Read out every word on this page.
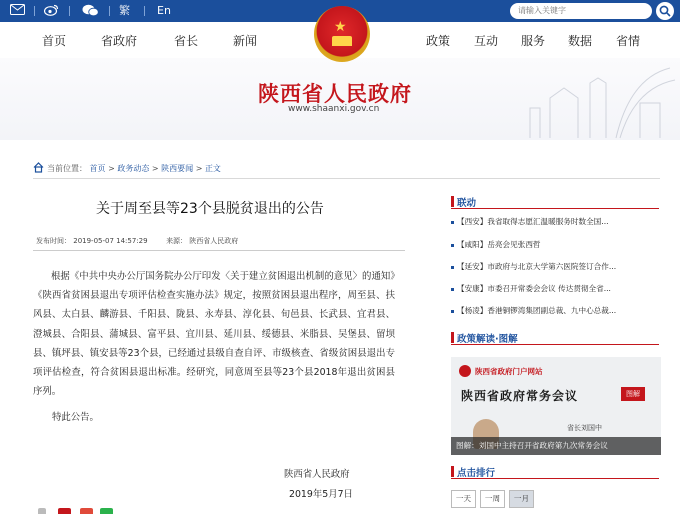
繁 En
请输入关键字
首页	省政府	省长	新闻	政策 互动 服务 数据 省情
★
陕西省人民政府
www.shaanxi.gov.cn
当前位置： 首页 > 政务动态 > 陕西要闻 > 正文
关于周至县等23个县脱贫退出的公告
发布时间： 2019-05-07 14:57:29	来源： 陕西省人民政府

根据《中共中央办公厅国务院办公厅印发〈关于建立贫困退出机制的意见〉的通知》《陕西省贫困县退出专项评估检查实施办法》规定，按照贫困县退出程序，周至县、扶风县、太白县、麟游县、千阳县、陇县、永寿县、淳化县、旬邑县、长武县、宜君县、澄城县、合阳县、蒲城县、富平县、宜川县、延川县、绥德县、米脂县、吴堡县、留坝县、镇坪县、镇安县等23个县，已经通过县级自查自评、市级核查、省级贫困县退出专项评估检查，符合贫困县退出标准。经研究，同意周至县等23个县2018年退出贫困县序列。

特此公告。
陕西省人民政府
2019年5月7日
联动
【西安】我省取得志愿汇温暖服务时数全国...
【咸阳】岳亮会见张西哲
【延安】市政府与北京大学第六医院签订合作...
【安康】市委召开常委会会议 传达贯彻全省...
【杨凌】香港铜锣湾集团副总裁、九中心总裁...
政策解读·图解
陕西省政府门户网站
陕西省政府常务会议	图解
省长刘国中
图解：刘国中主持召开省政府第九次常务会议
点击排行
一天	一周	一月
